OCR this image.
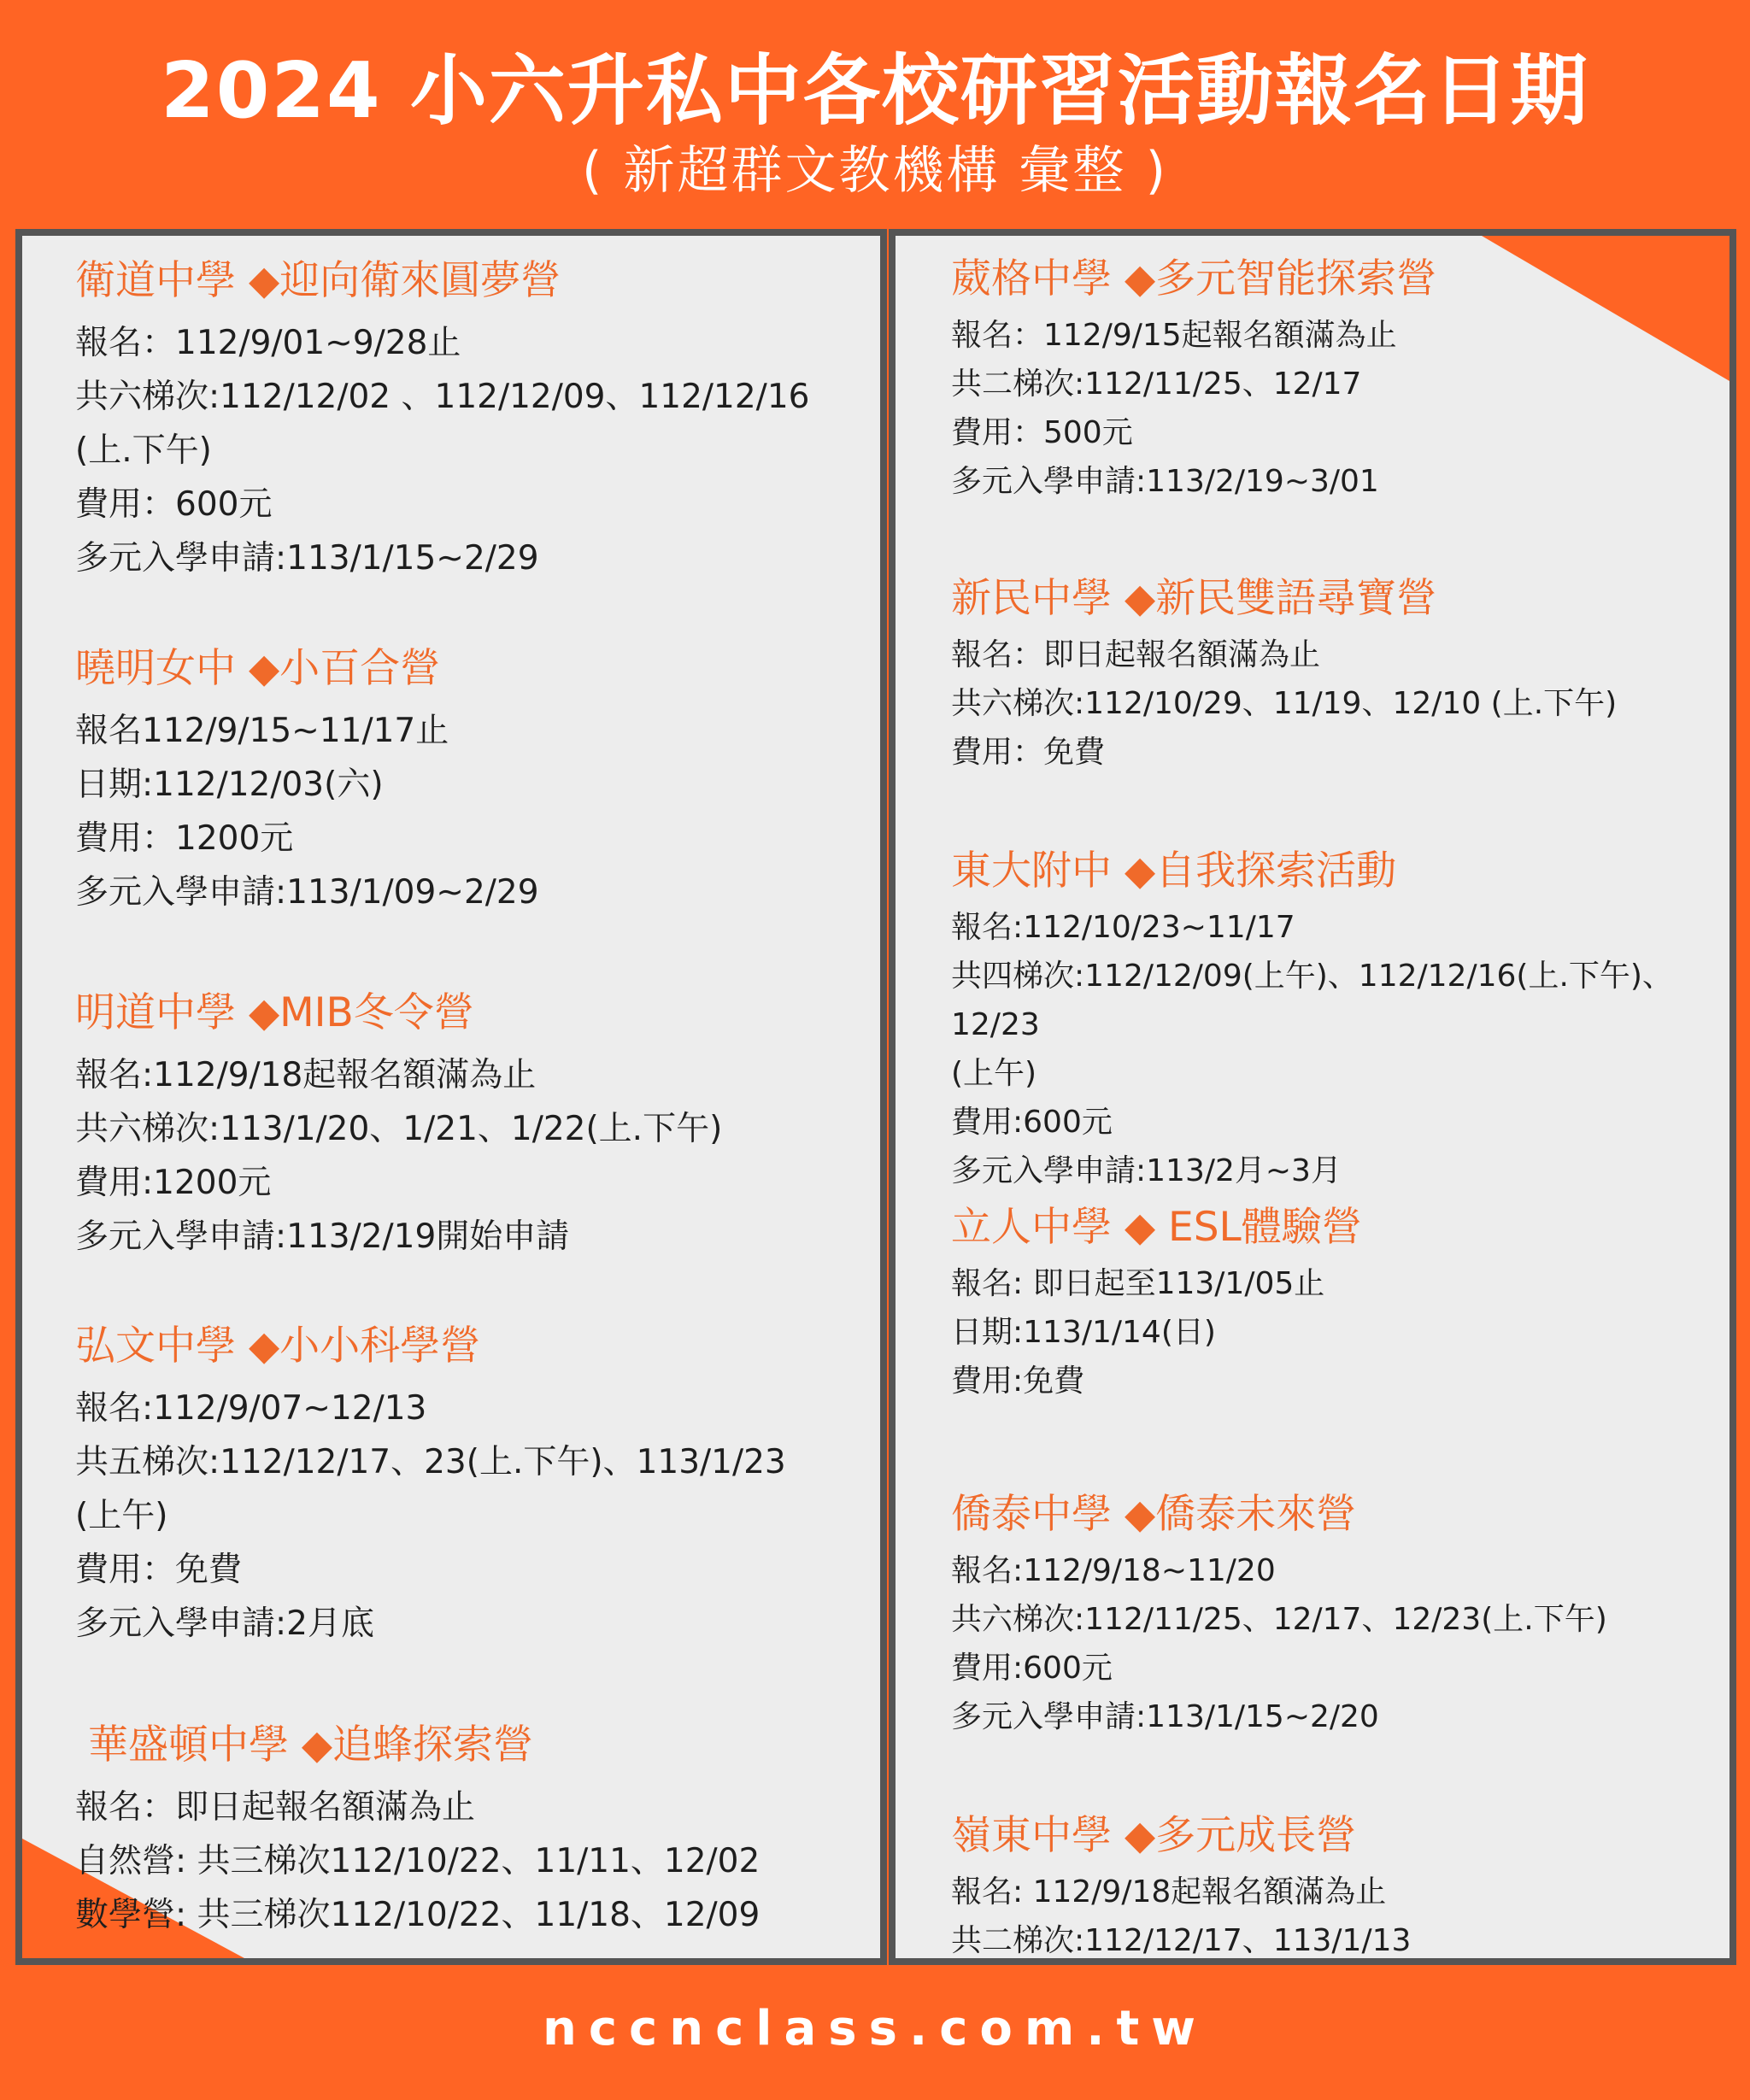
2024 小六升私中各校研習活動報名日期
( 新超群文教機構 彙整 )
衛道中學 ◆迎向衛來圓夢營

報名：112/9/01~9/28止

共六梯次:112/12/02 、112/12/09、112/12/16

(上.下午)

費用：600元

多元入學申請:113/1/15~2/29

曉明女中 ◆小百合營

報名112/9/15~11/17止

日期:112/12/03(六)

費用：1200元

多元入學申請:113/1/09~2/29

明道中學 ◆MIB冬令營

報名:112/9/18起報名額滿為止

共六梯次:113/1/20、1/21、1/22(上.下午)

費用:1200元

多元入學申請:113/2/19開始申請

弘文中學 ◆小小科學營

報名:112/9/07~12/13

共五梯次:112/12/17、23(上.下午)、113/1/23

(上午)

費用：免費

多元入學申請:2月底

華盛頓中學 ◆追蜂探索營

報名：即日起報名額滿為止

自然營: 共三梯次112/10/22、11/11、12/02

數學營: 共三梯次112/10/22、11/18、12/09

葳格中學 ◆多元智能探索營

報名：112/9/15起報名額滿為止

共二梯次:112/11/25、12/17

費用：500元

多元入學申請:113/2/19~3/01

新民中學 ◆新民雙語尋寶營

報名：即日起報名額滿為止

共六梯次:112/10/29、11/19、12/10 (上.下午)

費用：免費

東大附中 ◆自我探索活動

報名:112/10/23~11/17

共四梯次:112/12/09(上午)、112/12/16(上.下午)、12/23

(上午)

費用:600元

多元入學申請:113/2月~3月

立人中學 ◆ ESL體驗營

報名: 即日起至113/1/05止

日期:113/1/14(日)

費用:免費

僑泰中學 ◆僑泰未來營

報名:112/9/18~11/20

共六梯次:112/11/25、12/17、12/23(上.下午)

費用:600元

多元入學申請:113/1/15~2/20

嶺東中學 ◆多元成長營

報名: 112/9/18起報名額滿為止

共二梯次:112/12/17、113/1/13

nccnclass.com.tw
